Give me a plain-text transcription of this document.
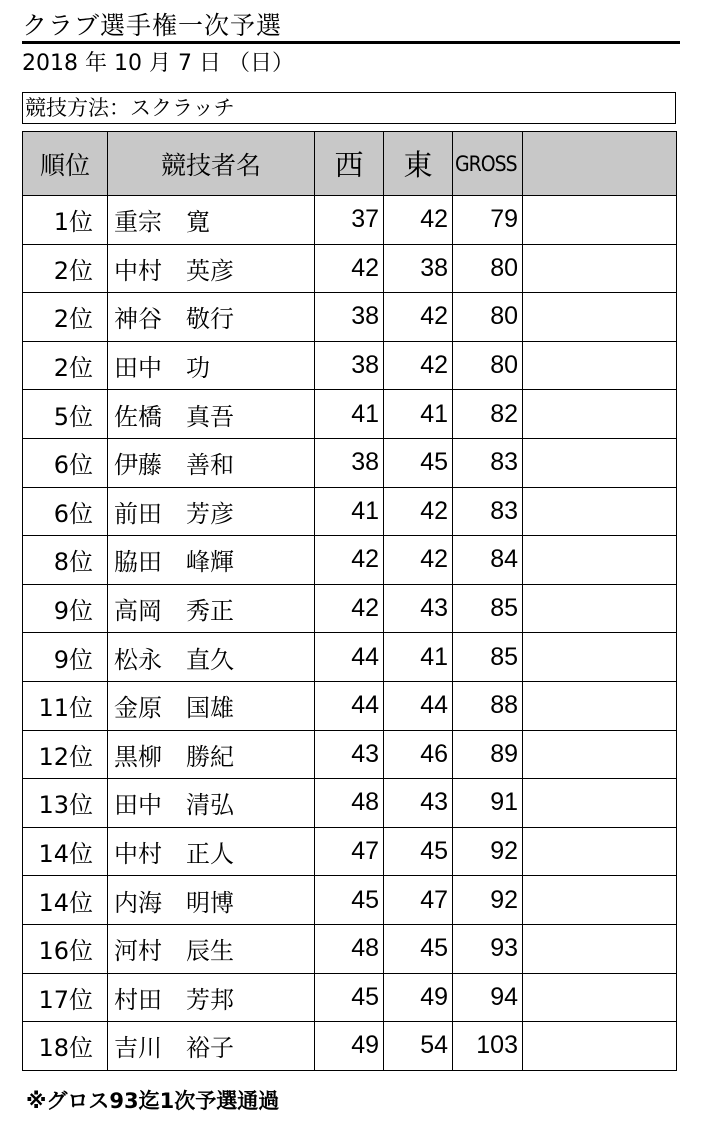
クラブ選手権一次予選
2018 年 10 月 7 日 （日）
競技方法：スクラッチ
順位	競技者名	西	東	GROSS	
1位	重宗　寛	37	42	79	
2位	中村　英彦	42	38	80	
2位	神谷　敬行	38	42	80	
2位	田中　功	38	42	80	
5位	佐橋　真吾	41	41	82	
6位	伊藤　善和	38	45	83	
6位	前田　芳彦	41	42	83	
8位	脇田　峰輝	42	42	84	
9位	高岡　秀正	42	43	85	
9位	松永　直久	44	41	85	
11位	金原　国雄	44	44	88	
12位	黒柳　勝紀	43	46	89	
13位	田中　清弘	48	43	91	
14位	中村　正人	47	45	92	
14位	内海　明博	45	47	92	
16位	河村　辰生	48	45	93	
17位	村田　芳邦	45	49	94	
18位	吉川　裕子	49	54	103	
※グロス93迄1次予選通過
